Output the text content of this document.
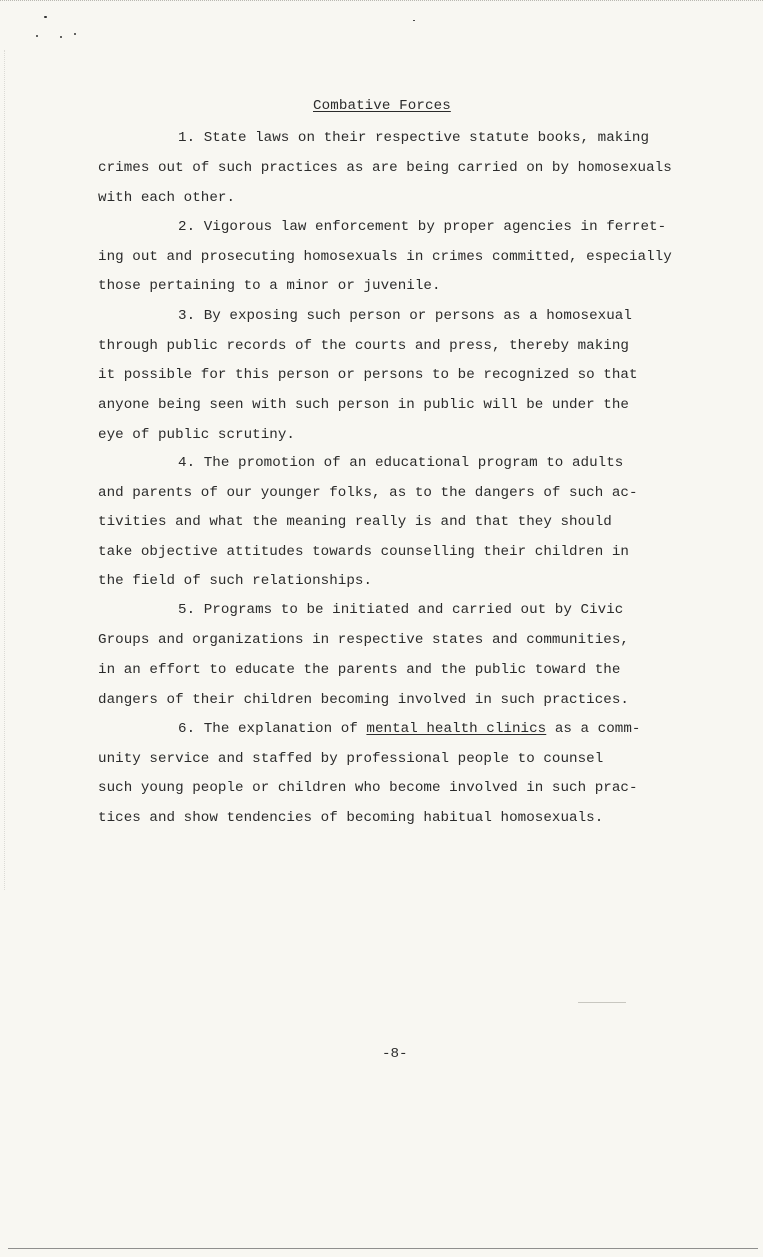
Combative Forces
1. State laws on their respective statute books, making
crimes out of such practices as are being carried on by homosexuals
with each other.
2. Vigorous law enforcement by proper agencies in ferret-
ing out and prosecuting homosexuals in crimes committed, especially
those pertaining to a minor or juvenile.
3. By exposing such person or persons as a homosexual
through public records of the courts and press, thereby making
it possible for this person or persons to be recognized so that
anyone being seen with such person in public will be under the
eye of public scrutiny.
4. The promotion of an educational program to adults
and parents of our younger folks, as to the dangers of such ac-
tivities and what the meaning really is and that they should
take objective attitudes towards counselling their children in
the field of such relationships.
5. Programs to be initiated and carried out by Civic
Groups and organizations in respective states and communities,
in an effort to educate the parents and the public toward the
dangers of their children becoming involved in such practices.
6. The explanation of mental health clinics as a comm-
unity service and staffed by professional people to counsel
such young people or children who become involved in such prac-
tices and show tendencies of becoming habitual homosexuals.
-8-
